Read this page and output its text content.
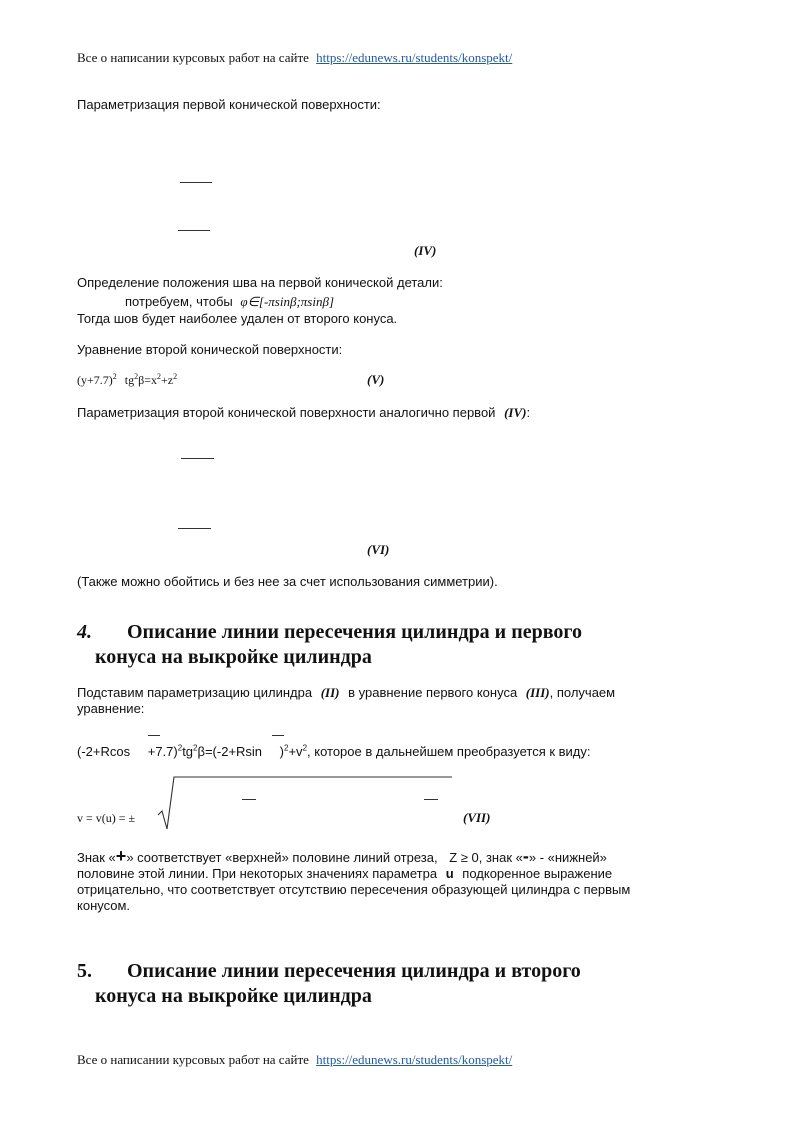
Все о написании курсовых работ на сайте https://edunews.ru/students/konspekt/
Параметризация первой конической поверхности:
(IV)
Определение положения шва на первой конической детали:
потребуем, чтобы φ∈[-πsinβ;πsinβ]
Тогда шов будет наиболее удален от второго конуса.
Уравнение второй конической поверхности:
$(y+7.7)^2$ $tg^2\beta=x^2+z^2$	(V)
Параметризация второй конической поверхности аналогично первой (IV):
(VI)
(Также можно обойтись и без нее за счет использования симметрии).
4. Описание линии пересечения цилиндра и первого
конуса на выкройке цилиндра
Подставим параметризацию цилиндра (II) в уравнение первого конуса (III), получаем
уравнение:
$(-2+Rcos +7.7)^2tg^2\beta=(-2+Rsin$ )$^2+v^2$, которое в дальнейшем преобразуется к виду:
v = v(u) = ±	(VII)
Знак «+» соответствует «верхней» половине линий отреза, Z ≥ 0, знак «-» - «нижней»
половине этой линии. При некоторых значениях параметра u подкоренное выражение
отрицательно, что соответствует отсутствию пересечения образующей цилиндра с первым
конусом.
5. Описание линии пересечения цилиндра и второго
конуса на выкройке цилиндра
Все о написании курсовых работ на сайте https://edunews.ru/students/konspekt/
